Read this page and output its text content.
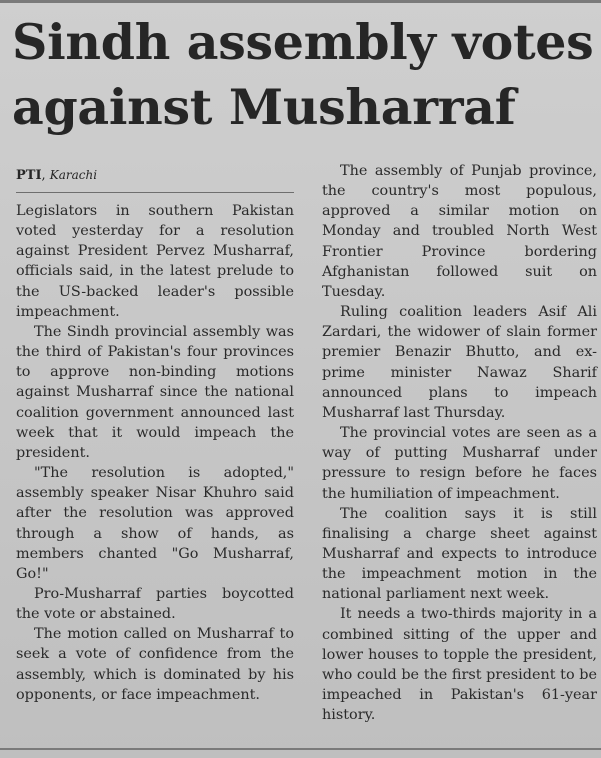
Sindh assembly votes
against Musharraf
PTI, Karachi

Legislators in southern Pakistan voted yesterday for a resolution against President Pervez Musharraf, officials said, in the latest prelude to the US-backed leader's possible impeachment.

The Sindh provincial assembly was the third of Pakistan's four provinces to approve non-binding motions against Musharraf since the national coalition government announced last week that it would impeach the president.

"The resolution is adopted," assembly speaker Nisar Khuhro said after the resolution was approved through a show of hands, as members chanted "Go Musharraf, Go!"

Pro-Musharraf parties boycotted the vote or abstained.

The motion called on Musharraf to seek a vote of confidence from the assembly, which is dominated by his opponents, or face impeachment.

The assembly of Punjab province, the country's most populous, approved a similar motion on Monday and troubled North West Frontier Province bordering Afghanistan followed suit on Tuesday.

Ruling coalition leaders Asif Ali Zardari, the widower of slain former premier Benazir Bhutto, and ex-prime minister Nawaz Sharif announced plans to impeach Musharraf last Thursday.

The provincial votes are seen as a way of putting Musharraf under pressure to resign before he faces the humiliation of impeachment.

The coalition says it is still finalising a charge sheet against Musharraf and expects to introduce the impeachment motion in the national parliament next week.

It needs a two-thirds majority in a combined sitting of the upper and lower houses to topple the president, who could be the first president to be impeached in Pakistan's 61-year history.
